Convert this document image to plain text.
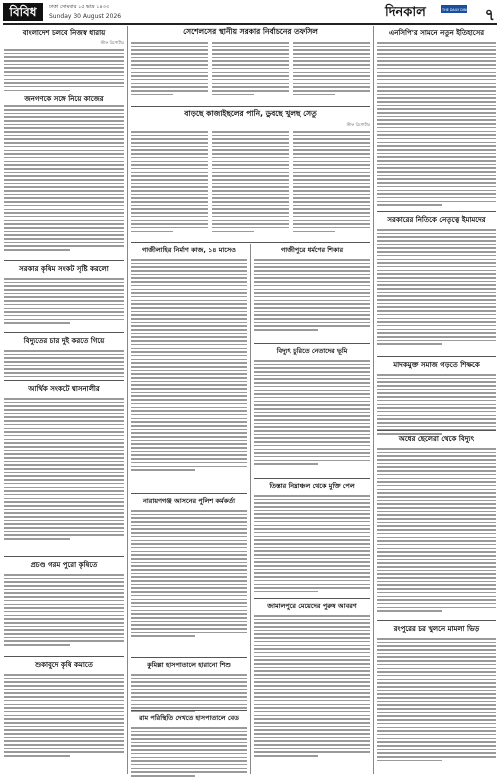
বিবিধ	ঢাকা সোমবার ১৫ ভাদ্র ১৪৩৩
Sunday 30 August 2026	দিনকাল	THE DAILY DINKAL ৭
বাংলাদেশ চলবে নিজস্ব ধারায়
স্টাফ রিপোর্টার
জনগণকে সঙ্গে নিয়ে কাজের
সরকার কৃষিম সংকট সৃষ্টি করলো
বিদ্যুতের চার দুই করতে গিয়ে
আর্থিক সংকটে শ্বাসনালীর
প্রচণ্ড গরম পুরো কৃষিতে
শুকাবুদে কৃষি কমাতে
সেশেলসের স্থানীয় সরকার নির্বাচনের তফসিল
বাড়ছে কাজাইছলের পানি, ডুবছে খুলছ সেতু
স্টাফ রিপোর্টার
গাজীলাহির নির্মাণ কাজ, ১৪ মাসেও
নারায়ণগঞ্জ আসনের পুলিশ কর্মকর্তা
কুমিল্লা হাসপাতালে হারানো শিশু
রাম পরিস্থিতি দেখতে হাসপাতালে বেড
গাজীপুরে ধর্মণের শিকার
বিদ্যুৎ চুরিতে নেতাদের ভূমি
তিস্তার নিম্নাঞ্চল থেকে মুক্তি পেল
জামালপুরে মেয়েদের পুরুষ আবরণ
এনসিপি'র সামনে নতুন ইতিহাসের
সরকারের নিতিকে নেতৃত্বে ইমামদের
মাদকমুক্ত সমাজ গড়তে শিক্ষকে
অধের ছেলেরা থেকে বিদ্যুৎ
রংপুরের চর খুলনে মামলা ভিড়
